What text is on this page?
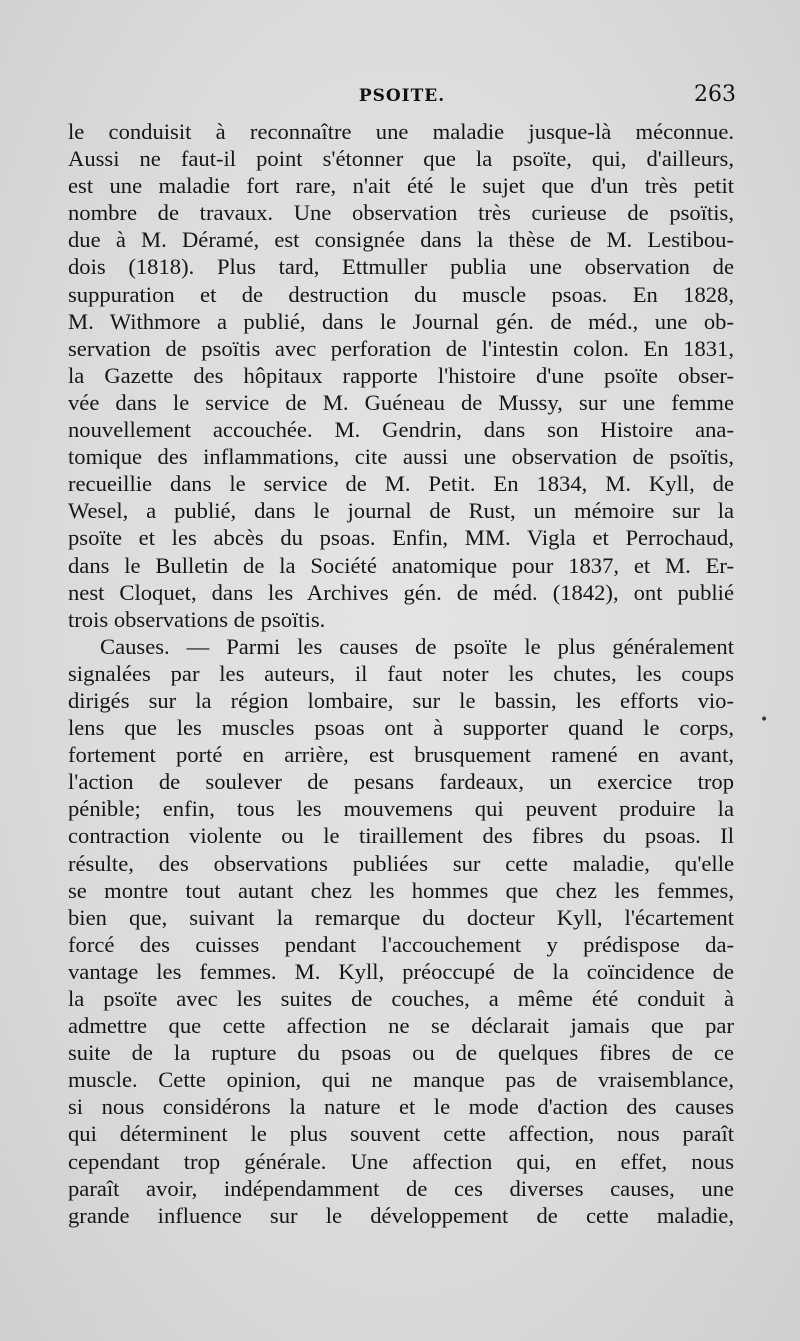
PSOITE.	263
le conduisit à reconnaître une maladie jusque-là méconnue.
Aussi ne faut-il point s'étonner que la psoïte, qui, d'ailleurs,
est une maladie fort rare, n'ait été le sujet que d'un très petit
nombre de travaux. Une observation très curieuse de psoïtis,
due à M. Déramé, est consignée dans la thèse de M. Lestibou-
dois (1818). Plus tard, Ettmuller publia une observation de
suppuration et de destruction du muscle psoas. En 1828,
M. Withmore a publié, dans le Journal gén. de méd., une ob-
servation de psoïtis avec perforation de l'intestin colon. En 1831,
la Gazette des hôpitaux rapporte l'histoire d'une psoïte obser-
vée dans le service de M. Guéneau de Mussy, sur une femme
nouvellement accouchée. M. Gendrin, dans son Histoire ana-
tomique des inflammations, cite aussi une observation de psoïtis,
recueillie dans le service de M. Petit. En 1834, M. Kyll, de
Wesel, a publié, dans le journal de Rust, un mémoire sur la
psoïte et les abcès du psoas. Enfin, MM. Vigla et Perrochaud,
dans le Bulletin de la Société anatomique pour 1837, et M. Er-
nest Cloquet, dans les Archives gén. de méd. (1842), ont publié
trois observations de psoïtis.
Causes. — Parmi les causes de psoïte le plus généralement
signalées par les auteurs, il faut noter les chutes, les coups
dirigés sur la région lombaire, sur le bassin, les efforts vio-
lens que les muscles psoas ont à supporter quand le corps,
fortement porté en arrière, est brusquement ramené en avant,
l'action de soulever de pesans fardeaux, un exercice trop
pénible; enfin, tous les mouvemens qui peuvent produire la
contraction violente ou le tiraillement des fibres du psoas. Il
résulte, des observations publiées sur cette maladie, qu'elle
se montre tout autant chez les hommes que chez les femmes,
bien que, suivant la remarque du docteur Kyll, l'écartement
forcé des cuisses pendant l'accouchement y prédispose da-
vantage les femmes. M. Kyll, préoccupé de la coïncidence de
la psoïte avec les suites de couches, a même été conduit à
admettre que cette affection ne se déclarait jamais que par
suite de la rupture du psoas ou de quelques fibres de ce
muscle. Cette opinion, qui ne manque pas de vraisemblance,
si nous considérons la nature et le mode d'action des causes
qui déterminent le plus souvent cette affection, nous paraît
cependant trop générale. Une affection qui, en effet, nous
paraît avoir, indépendamment de ces diverses causes, une
grande influence sur le développement de cette maladie,
•
